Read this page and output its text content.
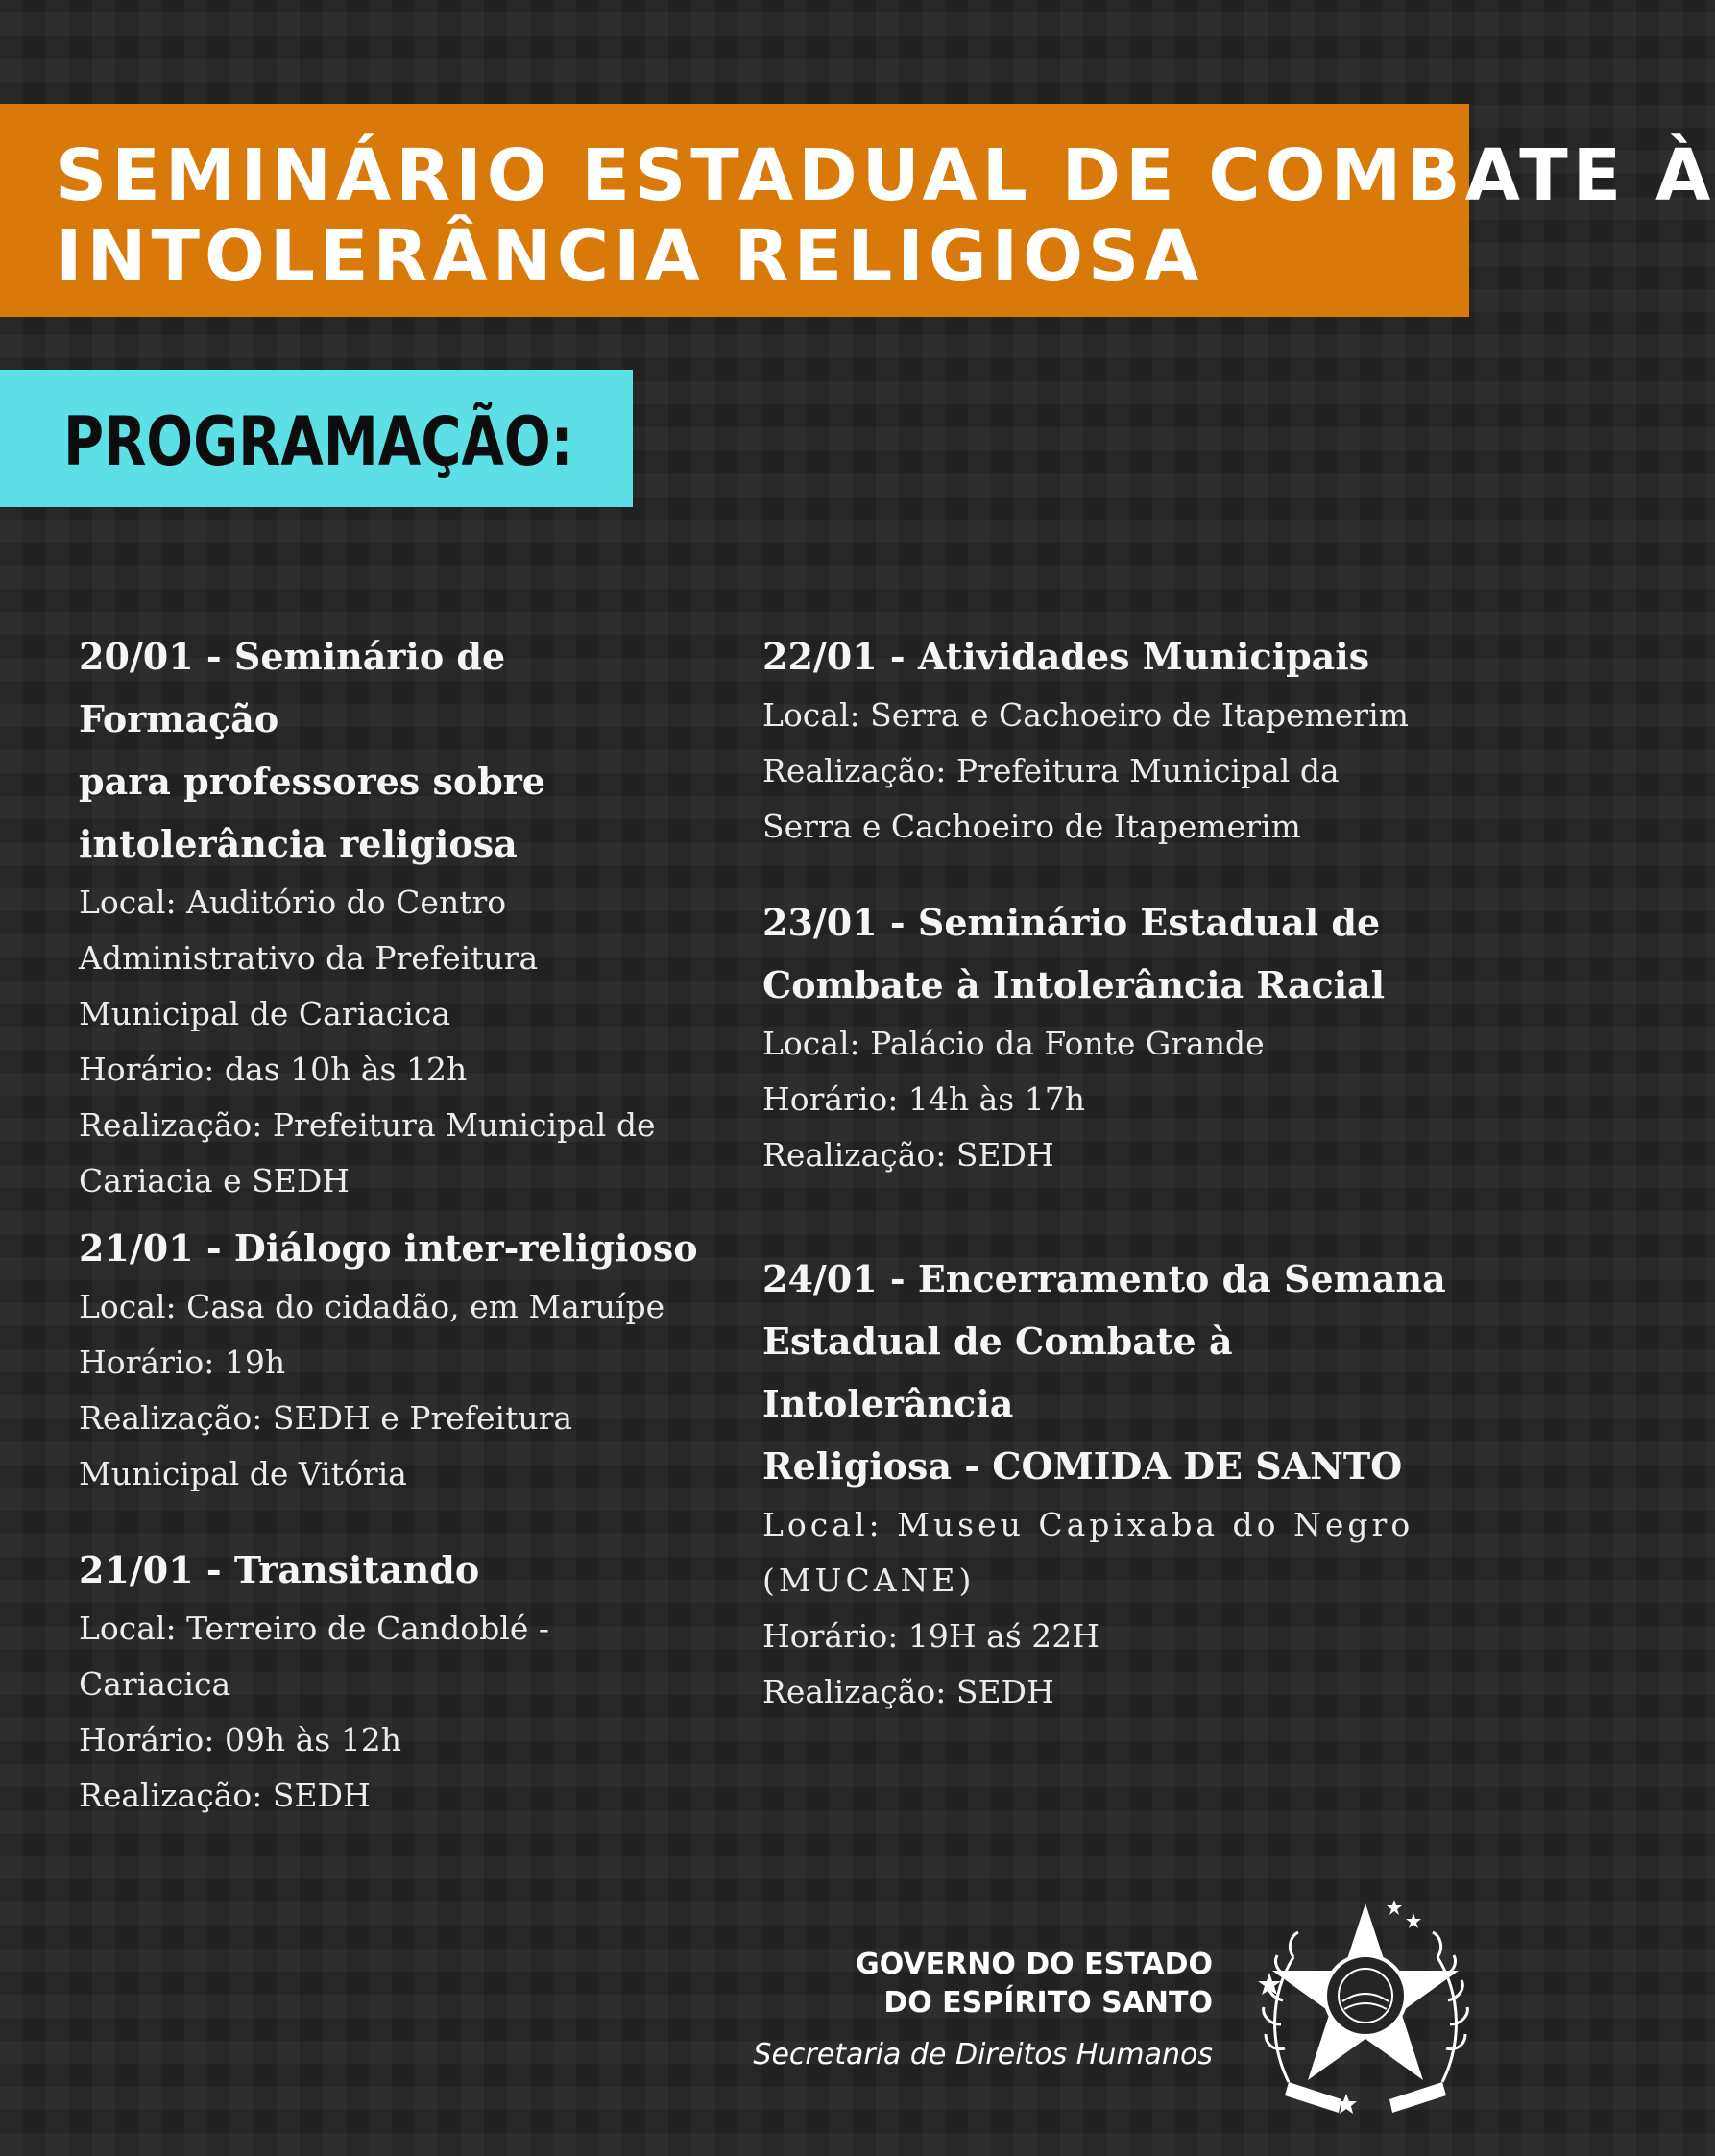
SEMINÁRIO ESTADUAL DE COMBATE À
INTOLERÂNCIA RELIGIOSA
PROGRAMAÇÃO:
20/01 - Seminário de Formação
para professores sobre
intolerância religiosa
Local: Auditório do Centro
Administrativo da Prefeitura
Municipal de Cariacica
Horário: das 10h às 12h
Realização: Prefeitura Municipal de
Cariacia e SEDH
21/01 - Diálogo inter-religioso
Local: Casa do cidadão, em Maruípe
Horário: 19h
Realização: SEDH e Prefeitura
Municipal de Vitória
21/01 - Transitando
Local: Terreiro de Candoblé -
Cariacica
Horário: 09h às 12h
Realização: SEDH
22/01 - Atividades Municipais
Local: Serra e Cachoeiro de Itapemerim
Realização: Prefeitura Municipal da
Serra e Cachoeiro de Itapemerim
23/01 - Seminário Estadual de
Combate à Intolerância Racial
Local: Palácio da Fonte Grande
Horário: 14h às 17h
Realização: SEDH
24/01 - Encerramento da Semana
Estadual de Combate à Intolerância
Religiosa - COMIDA DE SANTO
Local: Museu Capixaba do Negro
(MUCANE)
Horário: 19H aś 22H
Realização: SEDH
GOVERNO DO ESTADO
DO ESPÍRITO SANTO
Secretaria de Direitos Humanos
